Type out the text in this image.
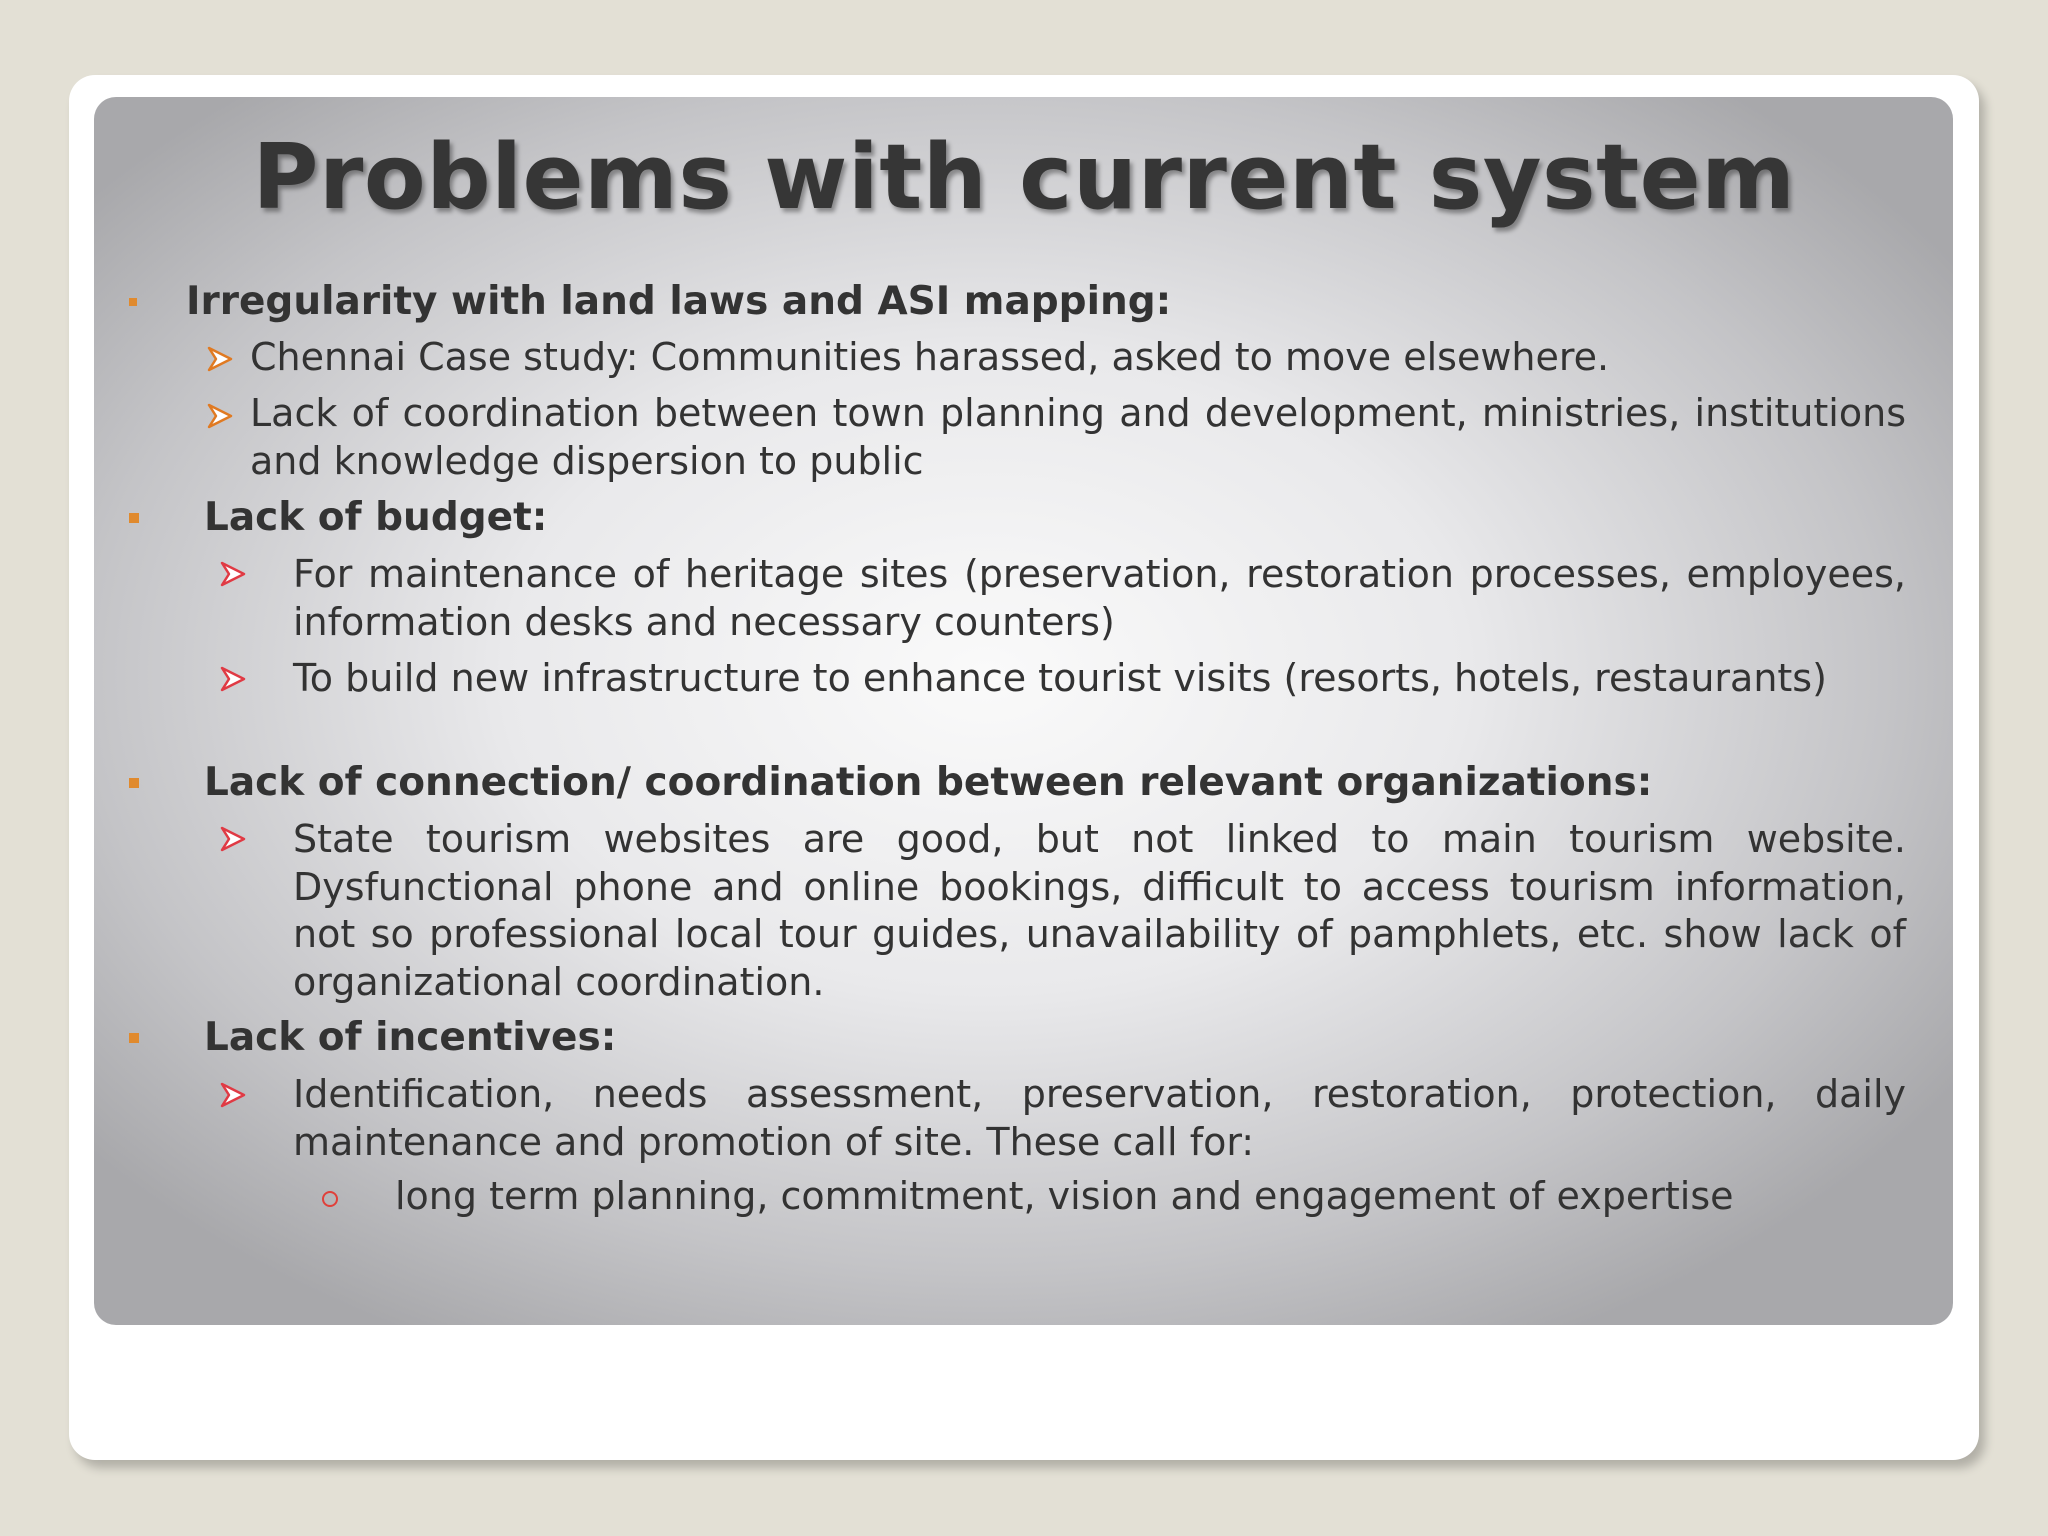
Problems with current system
Irregularity with land laws and ASI mapping:
Chennai Case study: Communities harassed, asked to move elsewhere.
Lack of coordination between town planning and development, ministries, institutions and knowledge dispersion to public
Lack of budget:
For maintenance of heritage sites (preservation, restoration processes, employees, information desks and necessary counters)
To build new infrastructure to enhance tourist visits (resorts, hotels, restaurants)
Lack of connection/ coordination between relevant organizations:
State tourism websites are good, but not linked to main tourism website. Dysfunctional phone and online bookings, difficult to access tourism information, not so professional local tour guides, unavailability of pamphlets, etc. show lack of organizational coordination.
Lack of incentives:
Identification, needs assessment, preservation, restoration, protection, daily maintenance and promotion of site. These call for:
long term planning, commitment, vision and engagement of expertise
